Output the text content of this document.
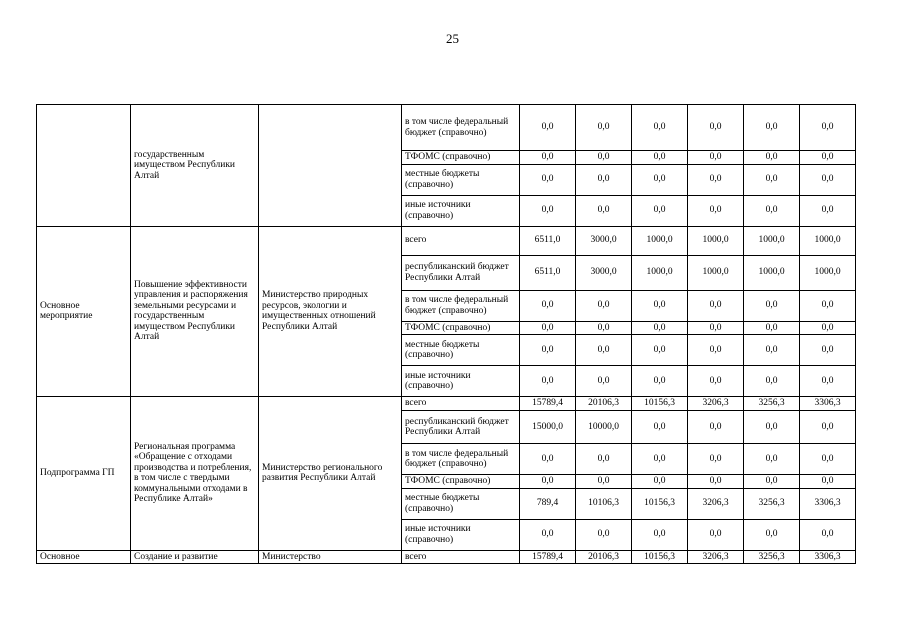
25
	государственным имуществом Республики Алтай		в том числе федеральный бюджет (справочно)	0,0	0,0	0,0	0,0	0,0	0,0
			ТФОМС (справочно)	0,0	0,0	0,0	0,0	0,0	0,0
			местные бюджеты (справочно)	0,0	0,0	0,0	0,0	0,0	0,0
			иные источники (справочно)	0,0	0,0	0,0	0,0	0,0	0,0
Основное мероприятие	Повышение эффективности управления и распоряжения земельными ресурсами и государственным имуществом Республики Алтай	Министерство природных ресурсов, экологии и имущественных отношений Республики Алтай	всего	6511,0	3000,0	1000,0	1000,0	1000,0	1000,0
			республиканский бюджет Республики Алтай	6511,0	3000,0	1000,0	1000,0	1000,0	1000,0
			в том числе федеральный бюджет (справочно)	0,0	0,0	0,0	0,0	0,0	0,0
			ТФОМС (справочно)	0,0	0,0	0,0	0,0	0,0	0,0
			местные бюджеты (справочно)	0,0	0,0	0,0	0,0	0,0	0,0
			иные источники (справочно)	0,0	0,0	0,0	0,0	0,0	0,0
Подпрограмма ГП	Региональная программа «Обращение с отходами производства и потребления, в том числе с твердыми коммунальными отходами в Республике Алтай»	Министерство регионального развития Республики Алтай	всего	15789,4	20106,3	10156,3	3206,3	3256,3	3306,3
			республиканский бюджет Республики Алтай	15000,0	10000,0	0,0	0,0	0,0	0,0
			в том числе федеральный бюджет (справочно)	0,0	0,0	0,0	0,0	0,0	0,0
			ТФОМС (справочно)	0,0	0,0	0,0	0,0	0,0	0,0
			местные бюджеты (справочно)	789,4	10106,3	10156,3	3206,3	3256,3	3306,3
			иные источники (справочно)	0,0	0,0	0,0	0,0	0,0	0,0
Основное	Создание и развитие	Министерство	всего	15789,4	20106,3	10156,3	3206,3	3256,3	3306,3
